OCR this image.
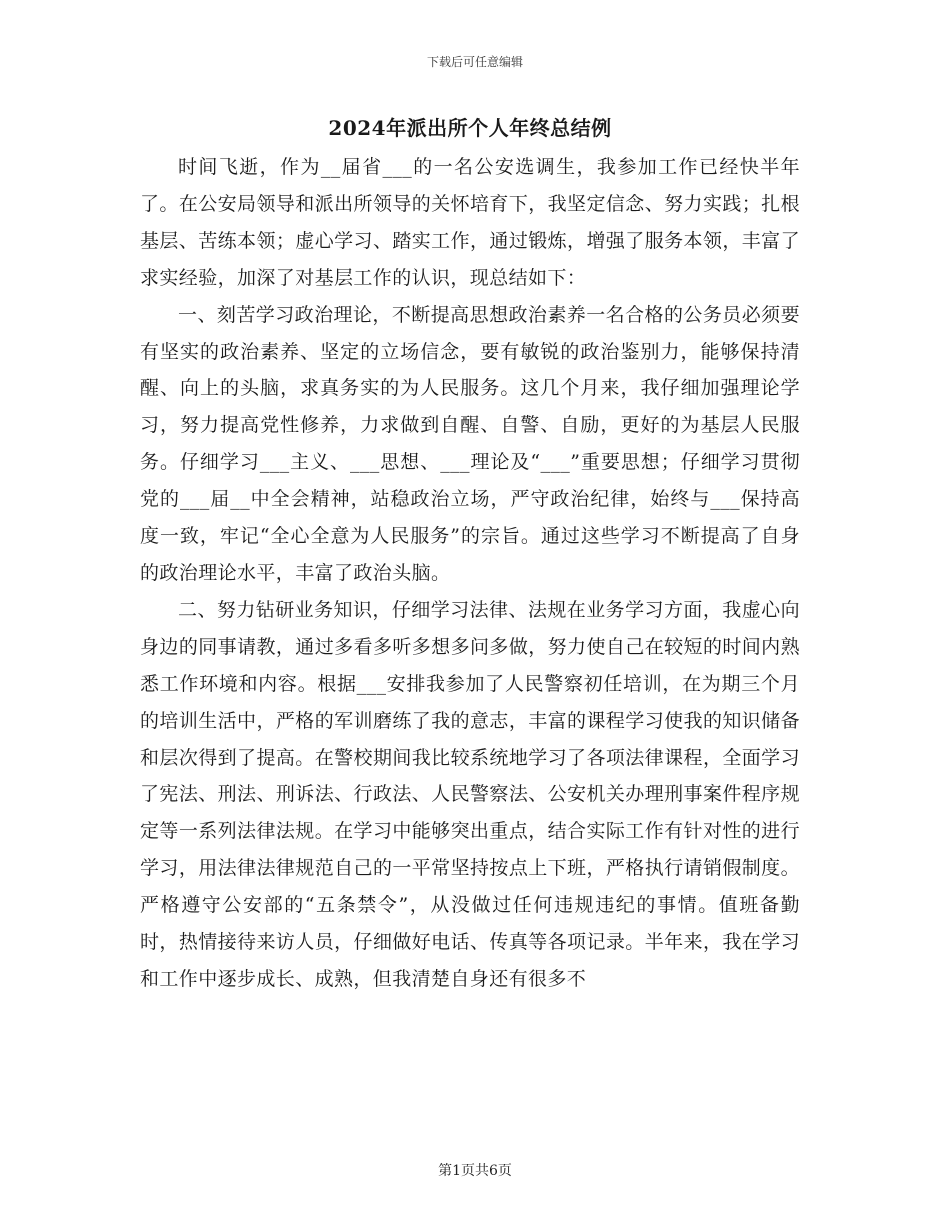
下载后可任意编辑
2024年派出所个人年终总结例

时间飞逝，作为__届省___的一名公安选调生，我参加工作已经快半年了。在公安局领导和派出所领导的关怀培育下，我坚定信念、努力实践；扎根基层、苦练本领；虚心学习、踏实工作，通过锻炼，增强了服务本领，丰富了求实经验，加深了对基层工作的认识，现总结如下：

一、刻苦学习政治理论，不断提高思想政治素养一名合格的公务员必须要有坚实的政治素养、坚定的立场信念，要有敏锐的政治鉴别力，能够保持清醒、向上的头脑，求真务实的为人民服务。这几个月来，我仔细加强理论学习，努力提高党性修养，力求做到自醒、自警、自励，更好的为基层人民服务。仔细学习___主义、___思想、___理论及“___”重要思想；仔细学习贯彻党的___届__中全会精神，站稳政治立场，严守政治纪律，始终与___保持高度一致，牢记“全心全意为人民服务”的宗旨。通过这些学习不断提高了自身的政治理论水平，丰富了政治头脑。

二、努力钻研业务知识，仔细学习法律、法规在业务学习方面，我虚心向身边的同事请教，通过多看多听多想多问多做，努力使自己在较短的时间内熟悉工作环境和内容。根据___安排我参加了人民警察初任培训，在为期三个月的培训生活中，严格的军训磨练了我的意志，丰富的课程学习使我的知识储备和层次得到了提高。在警校期间我比较系统地学习了各项法律课程，全面学习了宪法、刑法、刑诉法、行政法、人民警察法、公安机关办理刑事案件程序规定等一系列法律法规。在学习中能够突出重点，结合实际工作有针对性的进行学习，用法律法律规范自己的一平常坚持按点上下班，严格执行请销假制度。严格遵守公安部的“五条禁令”，从没做过任何违规违纪的事情。值班备勤时，热情接待来访人员，仔细做好电话、传真等各项记录。半年来，我在学习和工作中逐步成长、成熟，但我清楚自身还有很多不

第1页共6页
